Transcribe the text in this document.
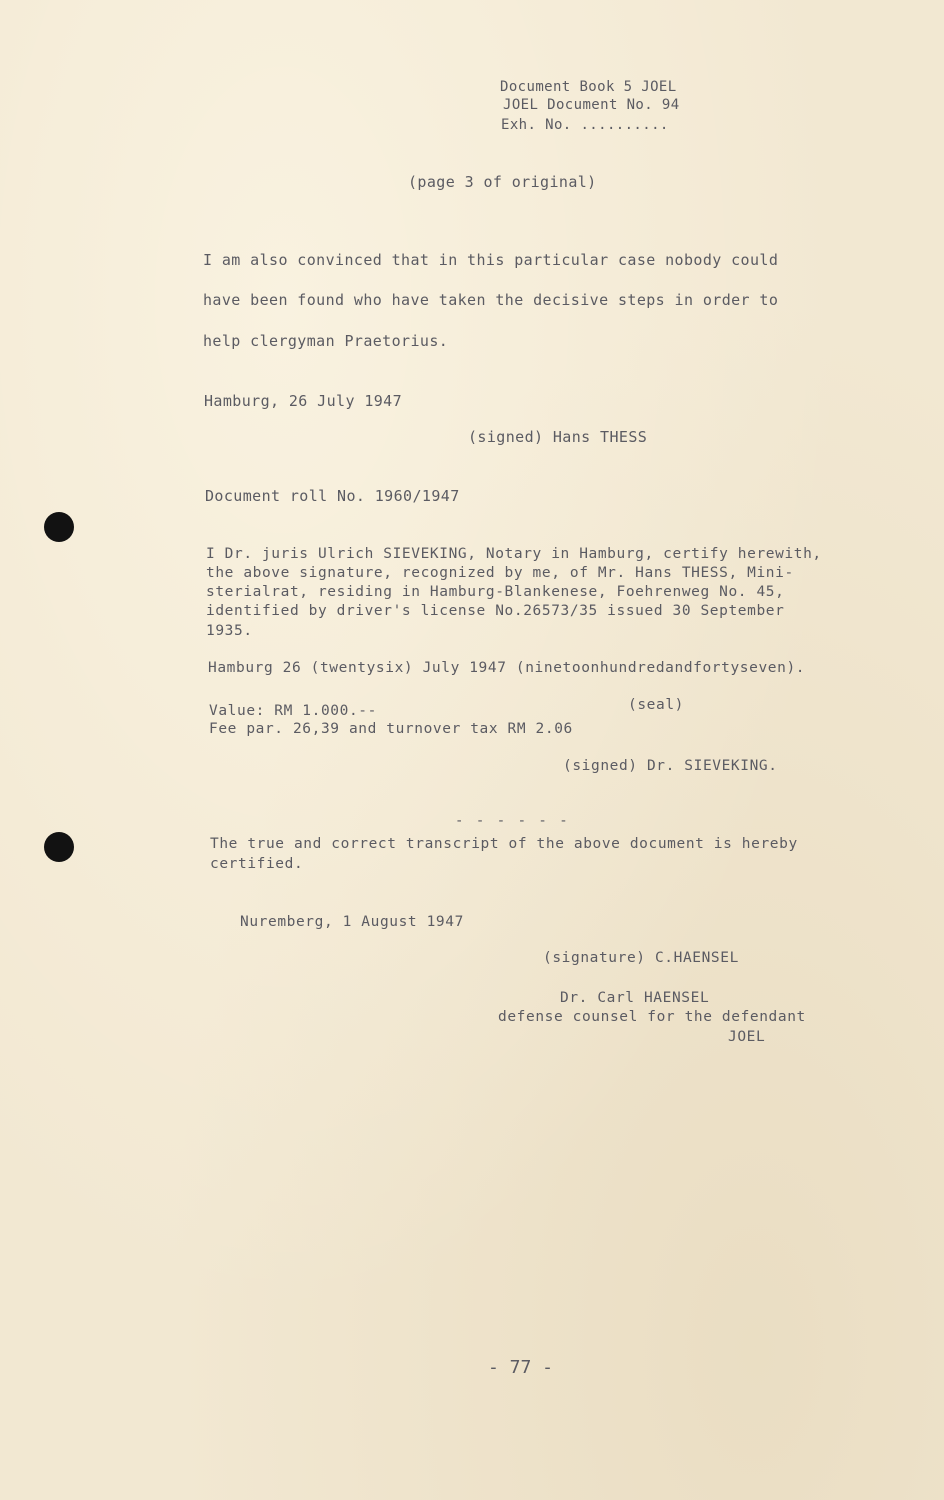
Document Book 5 JOEL
JOEL Document No. 94
Exh. No. ..........
(page 3 of original)
I am also convinced that in this particular case nobody could
have been found who have taken the decisive steps in order to
help clergyman Praetorius.
Hamburg, 26 July 1947
(signed) Hans THESS
Document roll No. 1960/1947
I Dr. juris Ulrich SIEVEKING, Notary in Hamburg, certify herewith,
the above signature, recognized by me, of Mr. Hans THESS, Mini-
sterialrat, residing in Hamburg-Blankenese, Foehrenweg No. 45,
identified by driver's license No.26573/35 issued 30 September
1935.
Hamburg 26 (twentysix) July 1947 (ninetoonhundredandfortyseven).
Value: RM 1.000.--	(seal)
Fee par. 26,39 and turnover tax RM 2.06
(signed) Dr. SIEVEKING.
- - - - - -
The true and correct transcript of the above document is hereby
certified.
Nuremberg, 1 August 1947
(signature) C.HAENSEL
Dr. Carl HAENSEL
defense counsel for the defendant
JOEL
- 77 -
